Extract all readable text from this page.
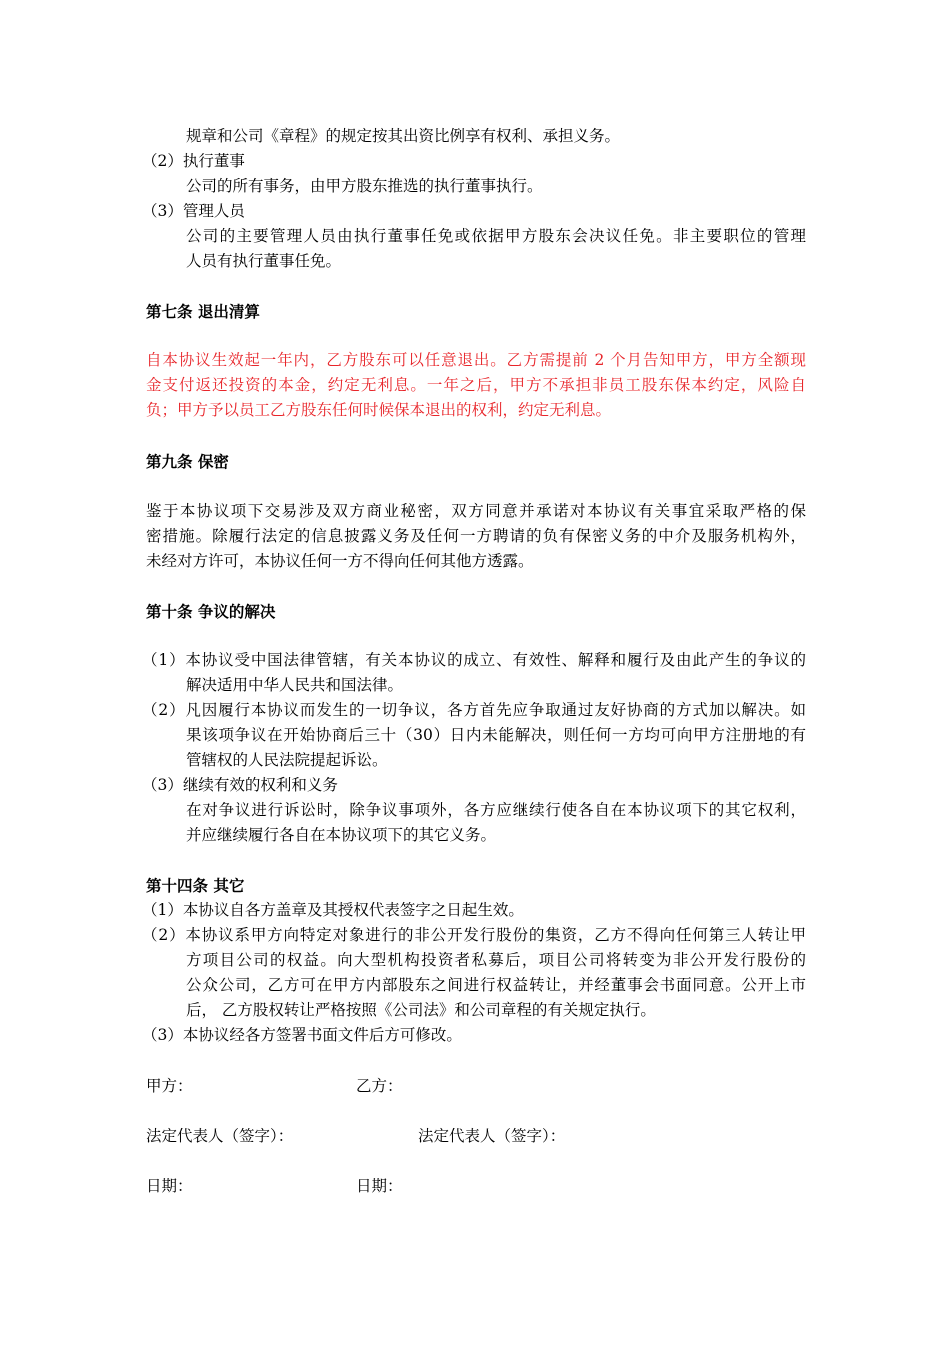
规章和公司《章程》的规定按其出资比例享有权利、承担义务。
（2）执行董事
公司的所有事务，由甲方股东推选的执行董事执行。
（3）管理人员
公司的主要管理人员由执行董事任免或依据甲方股东会决议任免。非主要职位的管理
人员有执行董事任免。
第七条 退出清算
自本协议生效起一年内，乙方股东可以任意退出。乙方需提前 2 个月告知甲方，甲方全额现
金支付返还投资的本金，约定无利息。一年之后，甲方不承担非员工股东保本约定，风险自
负；甲方予以员工乙方股东任何时候保本退出的权利，约定无利息。
第九条 保密
鉴于本协议项下交易涉及双方商业秘密，双方同意并承诺对本协议有关事宜采取严格的保
密措施。除履行法定的信息披露义务及任何一方聘请的负有保密义务的中介及服务机构外，
未经对方许可，本协议任何一方不得向任何其他方透露。
第十条 争议的解决
（1）本协议受中国法律管辖，有关本协议的成立、有效性、解释和履行及由此产生的争议的
解决适用中华人民共和国法律。
（2）凡因履行本协议而发生的一切争议，各方首先应争取通过友好协商的方式加以解决。如
果该项争议在开始协商后三十（30）日内未能解决，则任何一方均可向甲方注册地的有
管辖权的人民法院提起诉讼。
（3）继续有效的权利和义务
在对争议进行诉讼时，除争议事项外，各方应继续行使各自在本协议项下的其它权利，
并应继续履行各自在本协议项下的其它义务。
第十四条 其它
（1）本协议自各方盖章及其授权代表签字之日起生效。
（2）本协议系甲方向特定对象进行的非公开发行股份的集资，乙方不得向任何第三人转让甲
方项目公司的权益。向大型机构投资者私募后，项目公司将转变为非公开发行股份的
公众公司，乙方可在甲方内部股东之间进行权益转让，并经董事会书面同意。公开上市
后， 乙方股权转让严格按照《公司法》和公司章程的有关规定执行。
（3）本协议经各方签署书面文件后方可修改。
甲方：	乙方：
法定代表人（签字）：	法定代表人（签字）：
日期：	日期：
